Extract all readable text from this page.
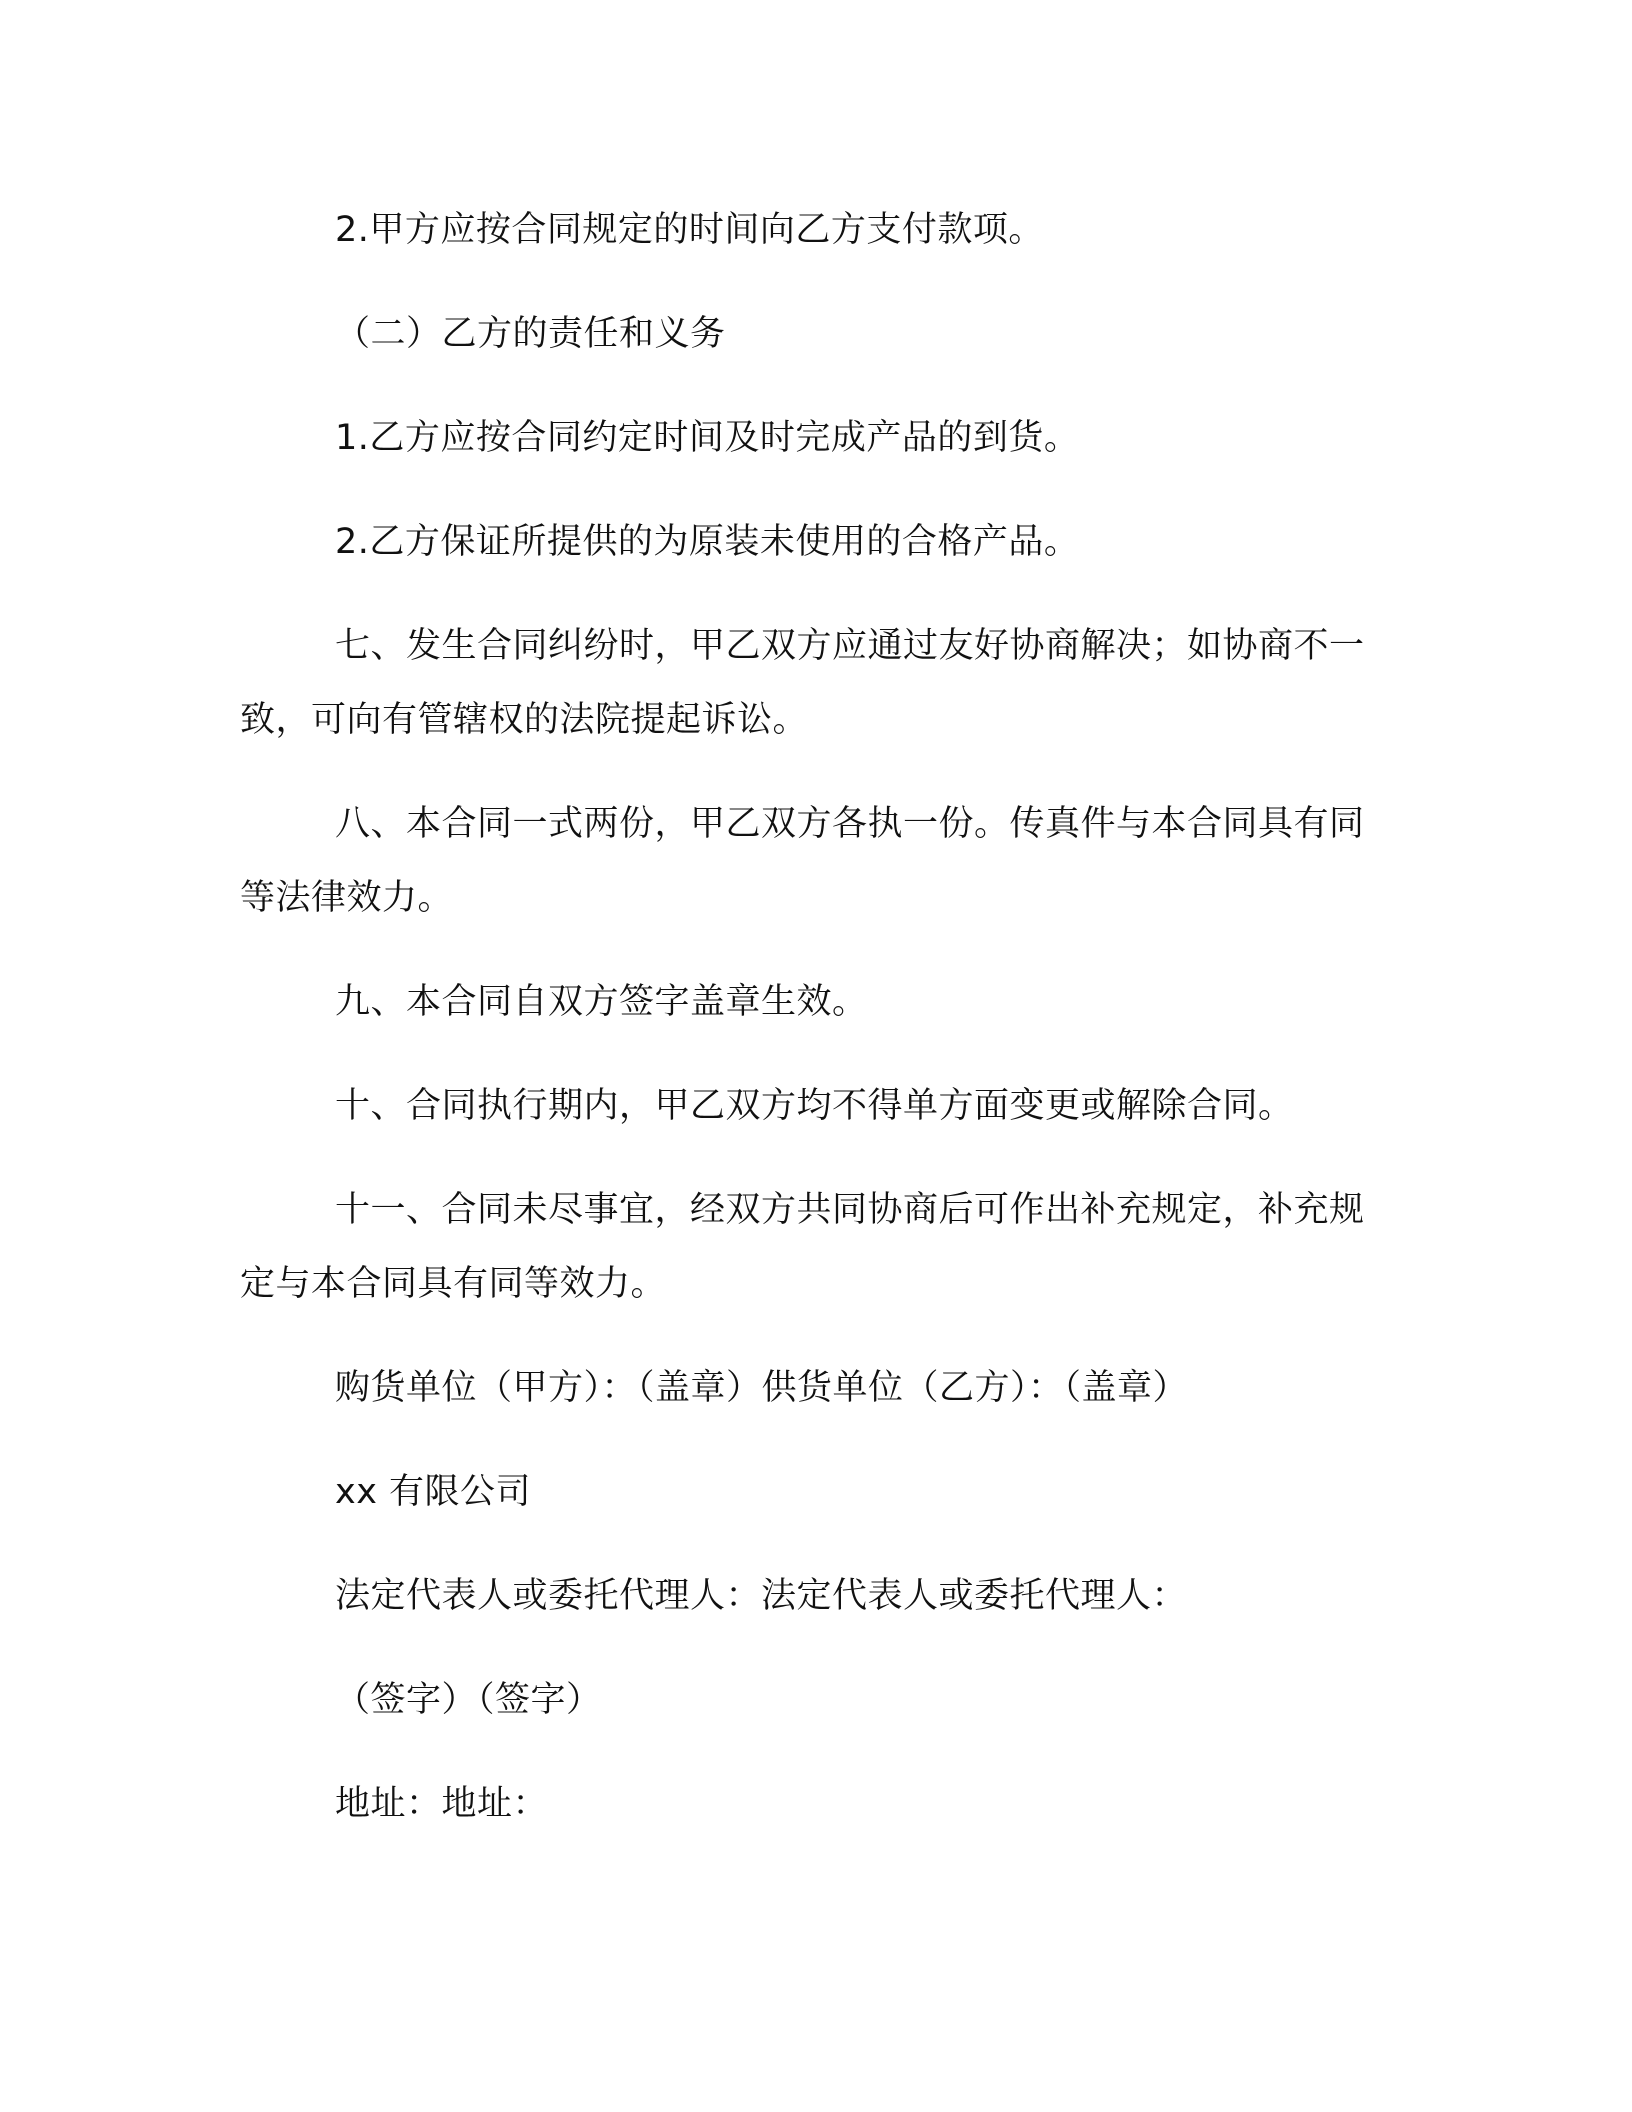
2.甲方应按合同规定的时间向乙方支付款项。

（二）乙方的责任和义务

1.乙方应按合同约定时间及时完成产品的到货。

2.乙方保证所提供的为原装未使用的合格产品。

七、发生合同纠纷时，甲乙双方应通过友好协商解决；如协商不一致，可向有管辖权的法院提起诉讼。

八、本合同一式两份，甲乙双方各执一份。传真件与本合同具有同等法律效力。

九、本合同自双方签字盖章生效。

十、合同执行期内，甲乙双方均不得单方面变更或解除合同。

十一、合同未尽事宜，经双方共同协商后可作出补充规定，补充规定与本合同具有同等效力。

购货单位（甲方）：（盖章）供货单位（乙方）：（盖章）

xx 有限公司

法定代表人或委托代理人：法定代表人或委托代理人：

（签字）（签字）

地址：地址：
